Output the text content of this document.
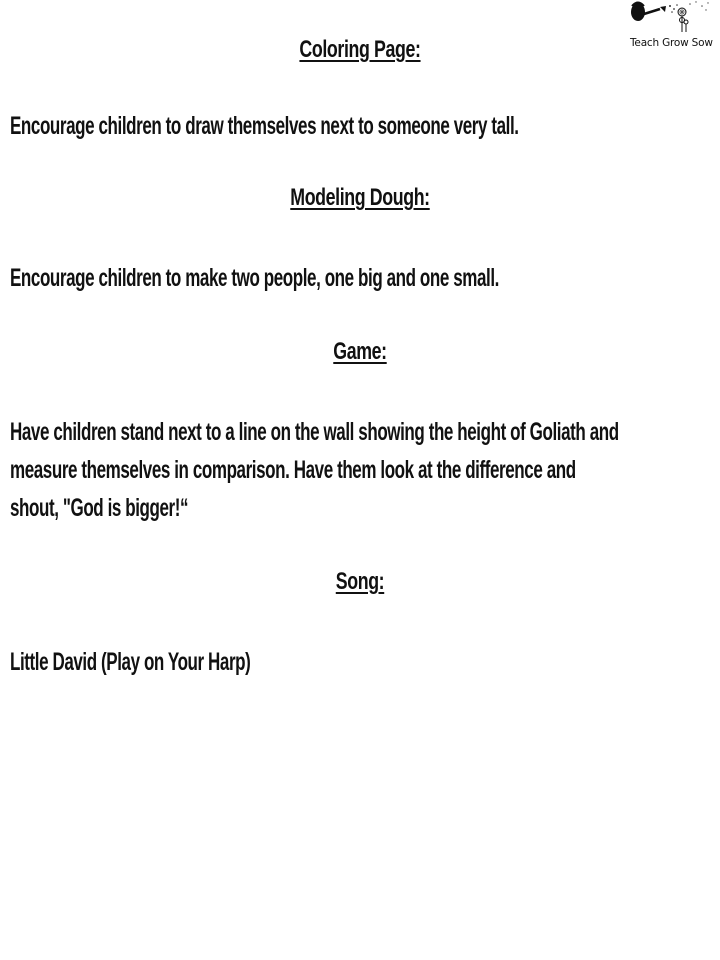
Teach Grow Sow
Coloring Page:
Encourage children to draw themselves next to someone very tall.
Modeling Dough:
Encourage children to make two people, one big and one small.
Game:
Have children stand next to a line on the wall showing the height of Goliath and
measure themselves in comparison. Have them look at the difference and
shout, "God is bigger!“
Song:
Little David (Play on Your Harp)
